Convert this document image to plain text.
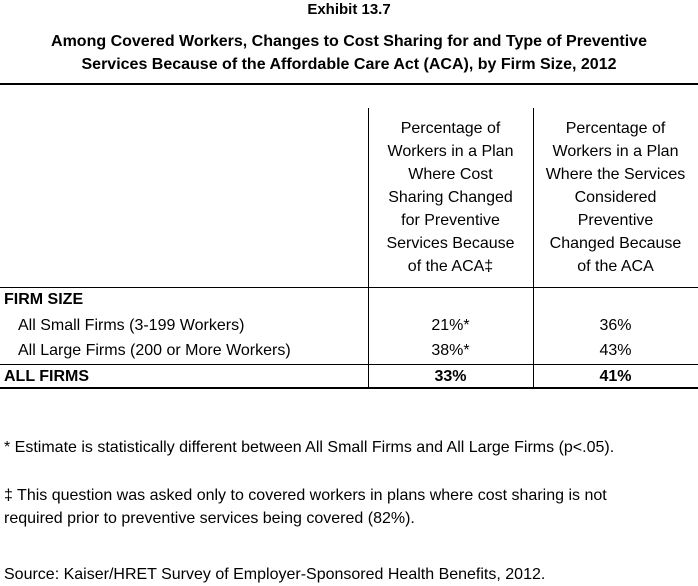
Exhibit 13.7
Among Covered Workers, Changes to Cost Sharing for and Type of Preventive
Services Because of the Affordable Care Act (ACA), by Firm Size, 2012
Percentage of
Workers in a Plan
Where Cost
Sharing Changed
for Preventive
Services Because
of the ACA‡
Percentage of
Workers in a Plan
Where the Services
Considered
Preventive
Changed Because
of the ACA
FIRM SIZE
All Small Firms (3-199 Workers)	21%*	36%
All Large Firms (200 or More Workers)	38%*	43%
ALL FIRMS	33%	41%
* Estimate is statistically different between All Small Firms and All Large Firms (p<.05).
‡ This question was asked only to covered workers in plans where cost sharing is not
required prior to preventive services being covered (82%).
Source: Kaiser/HRET Survey of Employer-Sponsored Health Benefits, 2012.
